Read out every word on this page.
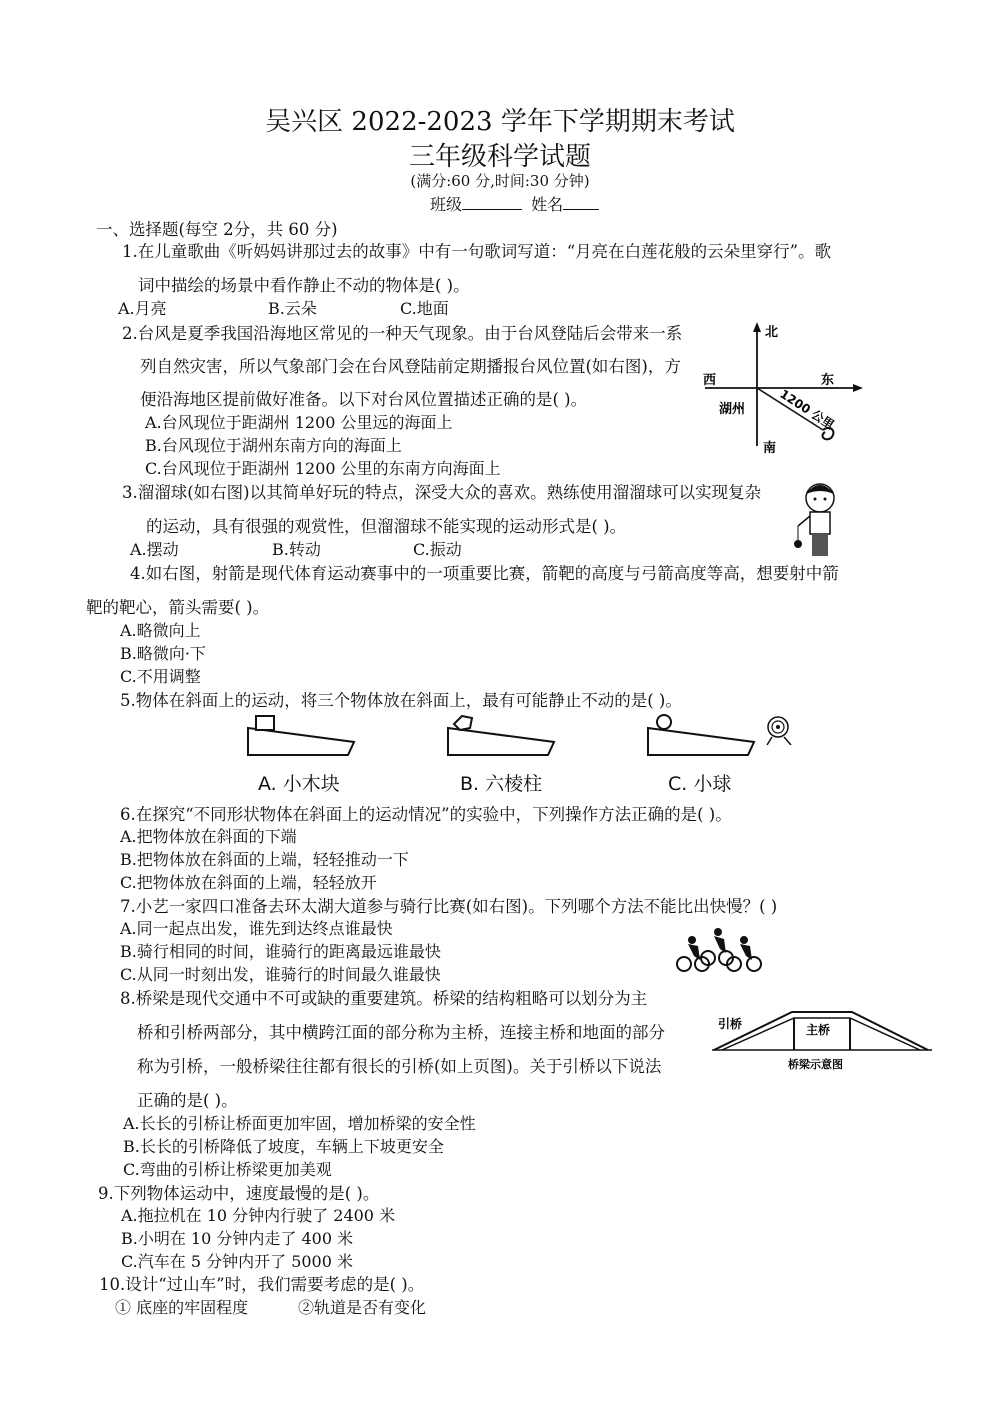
吴兴区 2022-2023 学年下学期期末考试
三年级科学试题
(满分:60 分,时间:30 分钟)
班级	姓名
一、选择题(每空 2分，共 60 分)
1.在儿童歌曲《听妈妈讲那过去的故事》中有一句歌词写道：“月亮在白莲花般的云朵里穿行”。歌
词中描绘的场景中看作静止不动的物体是( )。
A.月亮	B.云朵	C.地面
2.台风是夏季我国沿海地区常见的一种天气现象。由于台风登陆后会带来一系
列自然灾害，所以气象部门会在台风登陆前定期播报台风位置(如右图)，方
便沿海地区提前做好准备。以下对台风位置描述正确的是( )。
A.台风现位于距湖州 1200 公里远的海面上
B.台风现位于湖州东南方向的海面上
C.台风现位于距湖州 1200 公里的东南方向海面上
北
南
东
西
湖州	1200 公里
3.溜溜球(如右图)以其简单好玩的特点，深受大众的喜欢。熟练使用溜溜球可以实现复杂
的运动，具有很强的观赏性，但溜溜球不能实现的运动形式是( )。
A.摆动	B.转动	C.振动
4.如右图，射箭是现代体育运动赛事中的一项重要比赛，箭靶的高度与弓箭高度等高，想要射中箭
靶的靶心，箭头需要( )。
A.略微向上
B.略微向·下
C.不用调整
5.物体在斜面上的运动，将三个物体放在斜面上，最有可能静止不动的是( )。
A. 小木块	B. 六棱柱	C. 小球
6.在探究“不同形状物体在斜面上的运动情况”的实验中，下列操作方法正确的是( )。
A.把物体放在斜面的下端
B.把物体放在斜面的上端，轻轻推动一下
C.把物体放在斜面的上端，轻轻放开
7.小艺一家四口准备去环太湖大道参与骑行比赛(如右图)。下列哪个方法不能比出快慢？( )
A.同一起点出发，谁先到达终点谁最快
B.骑行相同的时间，谁骑行的距离最远谁最快
C.从同一时刻出发，谁骑行的时间最久谁最快
8.桥梁是现代交通中不可或缺的重要建筑。桥梁的结构粗略可以划分为主
桥和引桥两部分，其中横跨江面的部分称为主桥，连接主桥和地面的部分
称为引桥，一般桥梁往往都有很长的引桥(如上页图)。关于引桥以下说法
正确的是( )。
A.长长的引桥让桥面更加牢固，增加桥梁的安全性
B.长长的引桥降低了坡度，车辆上下坡更安全
C.弯曲的引桥让桥梁更加美观
引桥	主桥
桥梁示意图
9.下列物体运动中，速度最慢的是( )。
A.拖拉机在 10 分钟内行驶了 2400 米
B.小明在 10 分钟内走了 400 米
C.汽车在 5 分钟内开了 5000 米
10.设计“过山车”时，我们需要考虑的是( )。
① 底座的牢固程度	②轨道是否有变化
